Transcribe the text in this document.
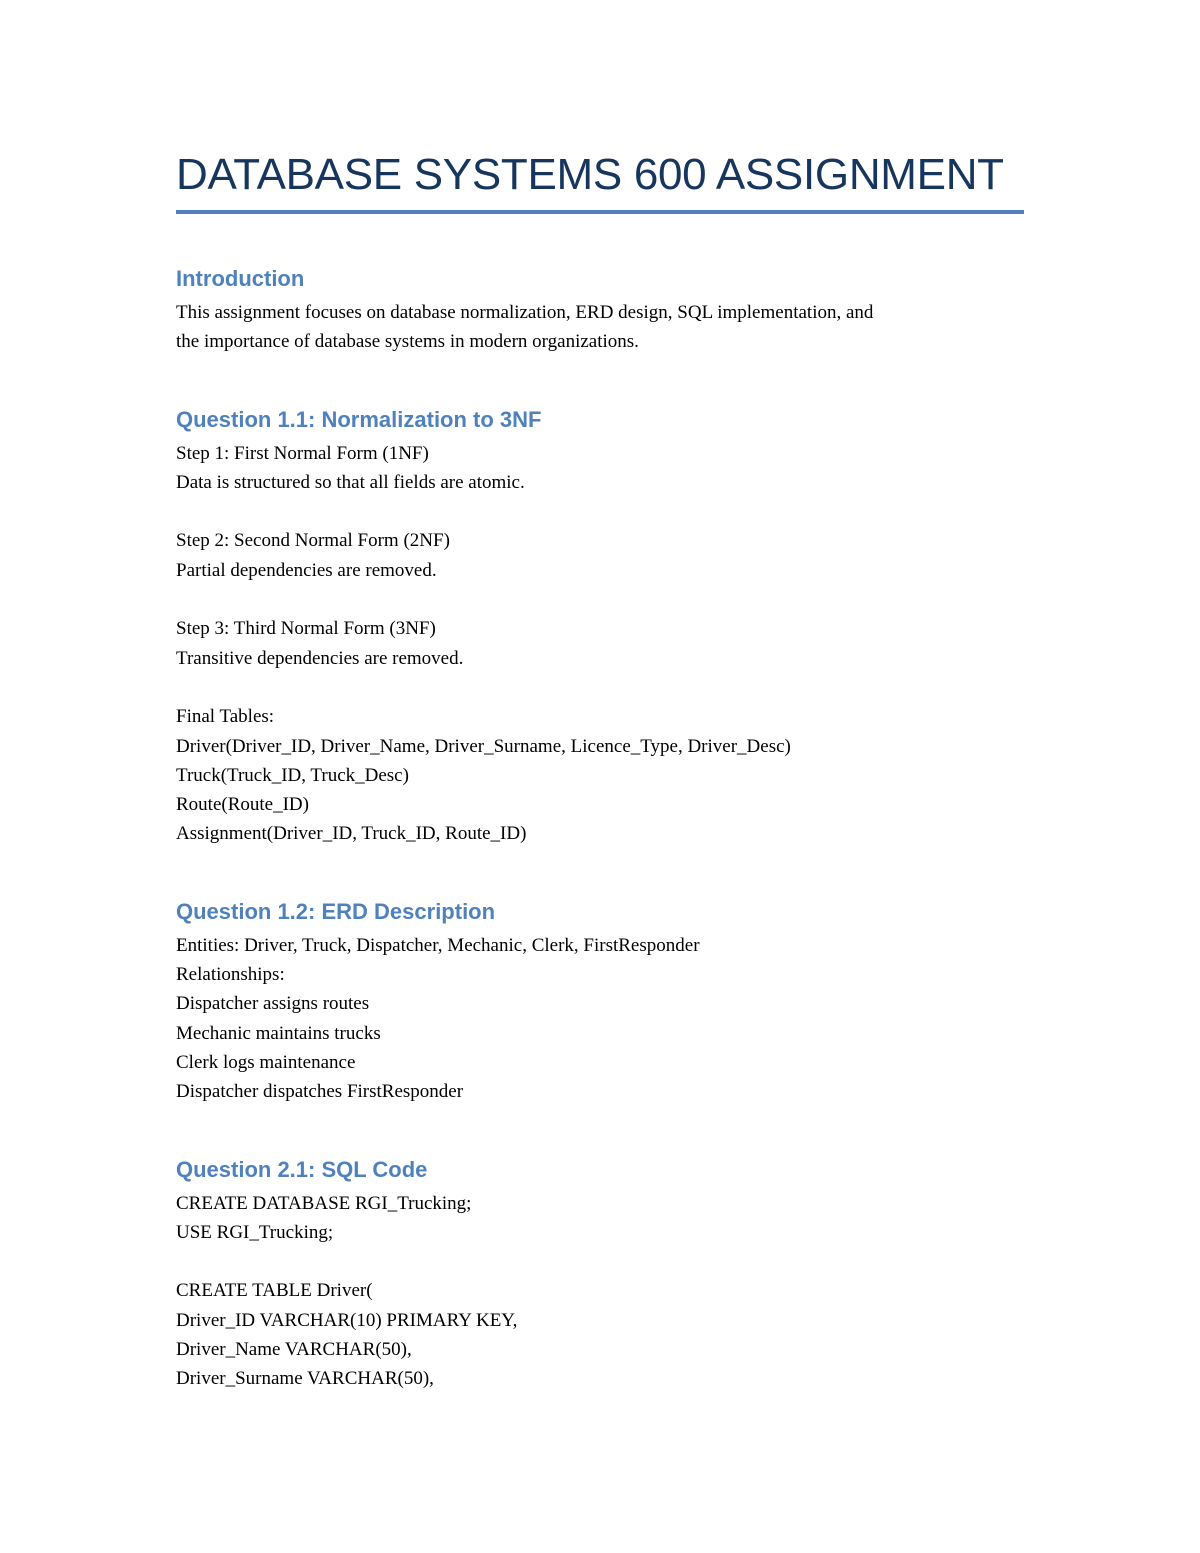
DATABASE SYSTEMS 600 ASSIGNMENT
Introduction
This assignment focuses on database normalization, ERD design, SQL implementation, and
the importance of database systems in modern organizations.
Question 1.1: Normalization to 3NF
Step 1: First Normal Form (1NF)
Data is structured so that all fields are atomic.
Step 2: Second Normal Form (2NF)
Partial dependencies are removed.
Step 3: Third Normal Form (3NF)
Transitive dependencies are removed.
Final Tables:
Driver(Driver_ID, Driver_Name, Driver_Surname, Licence_Type, Driver_Desc)
Truck(Truck_ID, Truck_Desc)
Route(Route_ID)
Assignment(Driver_ID, Truck_ID, Route_ID)
Question 1.2: ERD Description
Entities: Driver, Truck, Dispatcher, Mechanic, Clerk, FirstResponder
Relationships:
Dispatcher assigns routes
Mechanic maintains trucks
Clerk logs maintenance
Dispatcher dispatches FirstResponder
Question 2.1: SQL Code
CREATE DATABASE RGI_Trucking;
USE RGI_Trucking;
CREATE TABLE Driver(
Driver_ID VARCHAR(10) PRIMARY KEY,
Driver_Name VARCHAR(50),
Driver_Surname VARCHAR(50),
